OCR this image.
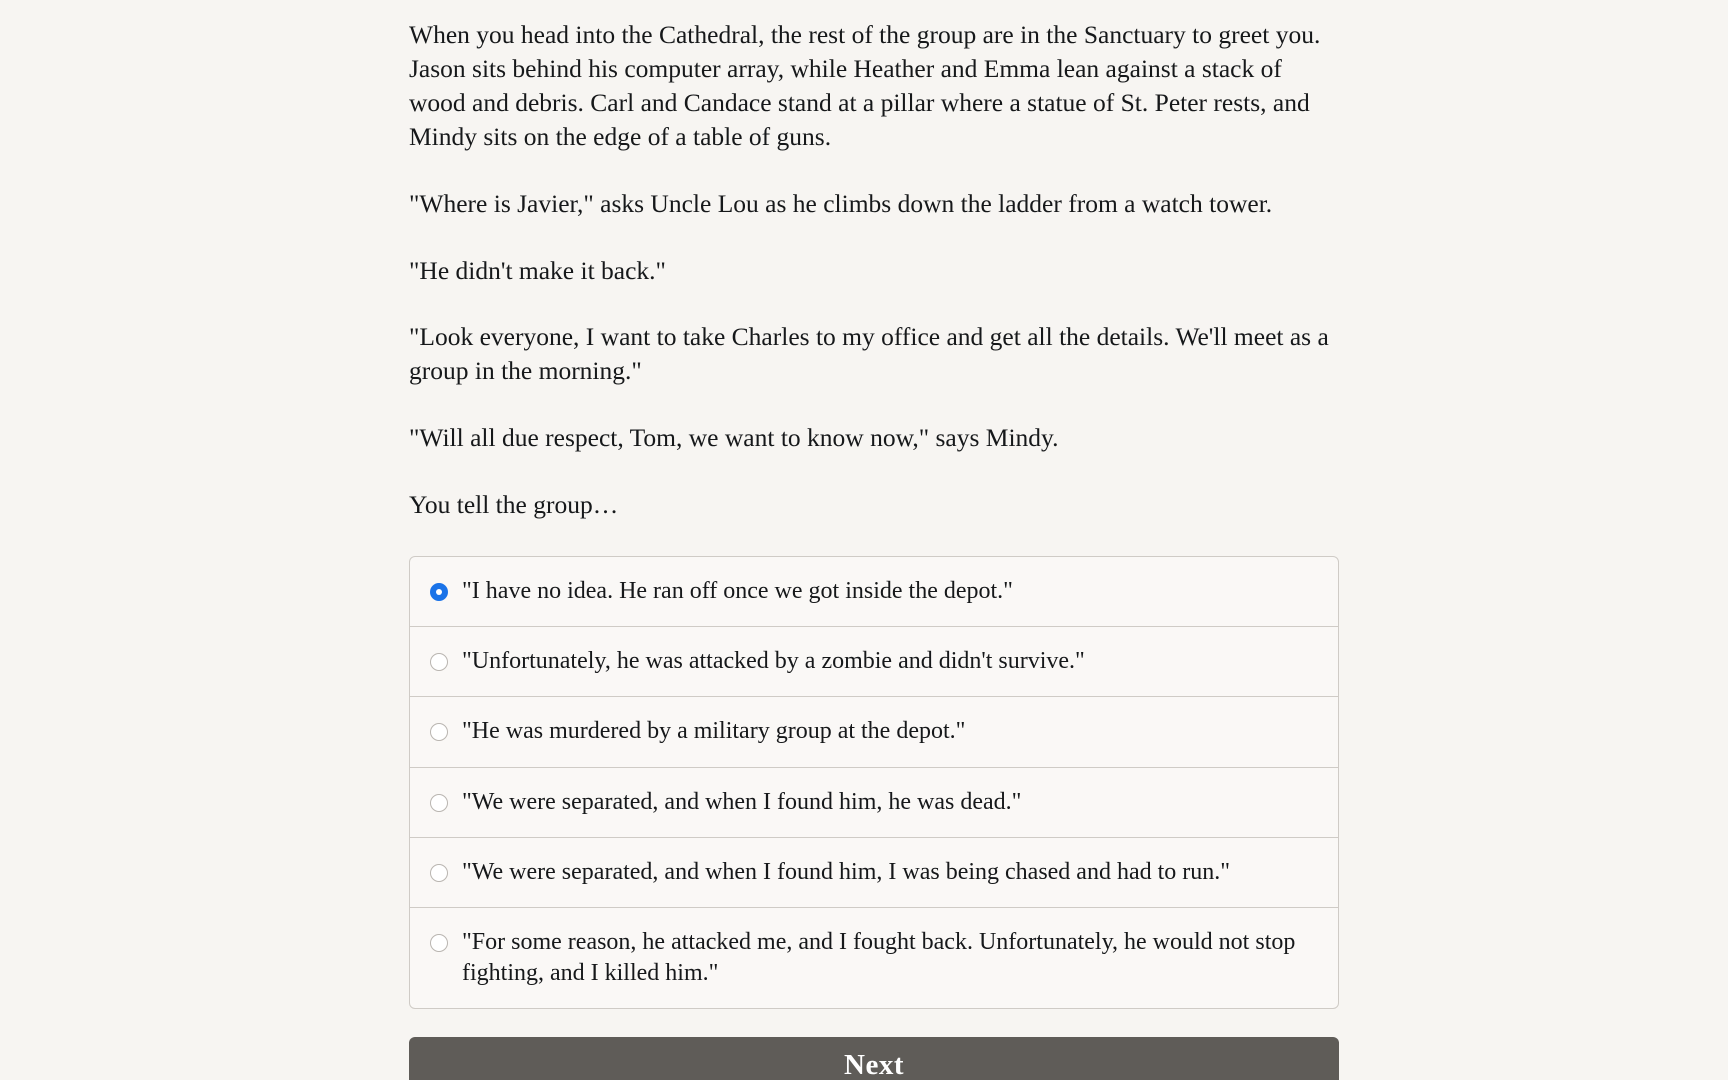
When you head into the Cathedral, the rest of the group are in the Sanctuary to greet you. Jason sits behind his computer array, while Heather and Emma lean against a stack of wood and debris. Carl and Candace stand at a pillar where a statue of St. Peter rests, and Mindy sits on the edge of a table of guns.

"Where is Javier," asks Uncle Lou as he climbs down the ladder from a watch tower.

"He didn't make it back."

"Look everyone, I want to take Charles to my office and get all the details. We'll meet as a group in the morning."

"Will all due respect, Tom, we want to know now," says Mindy.

You tell the group…
"I have no idea. He ran off once we got inside the depot."
"Unfortunately, he was attacked by a zombie and didn't survive."
"He was murdered by a military group at the depot."
"We were separated, and when I found him, he was dead."
"We were separated, and when I found him, I was being chased and had to run."
"For some reason, he attacked me, and I fought back. Unfortunately, he would not stop fighting, and I killed him."
Next
